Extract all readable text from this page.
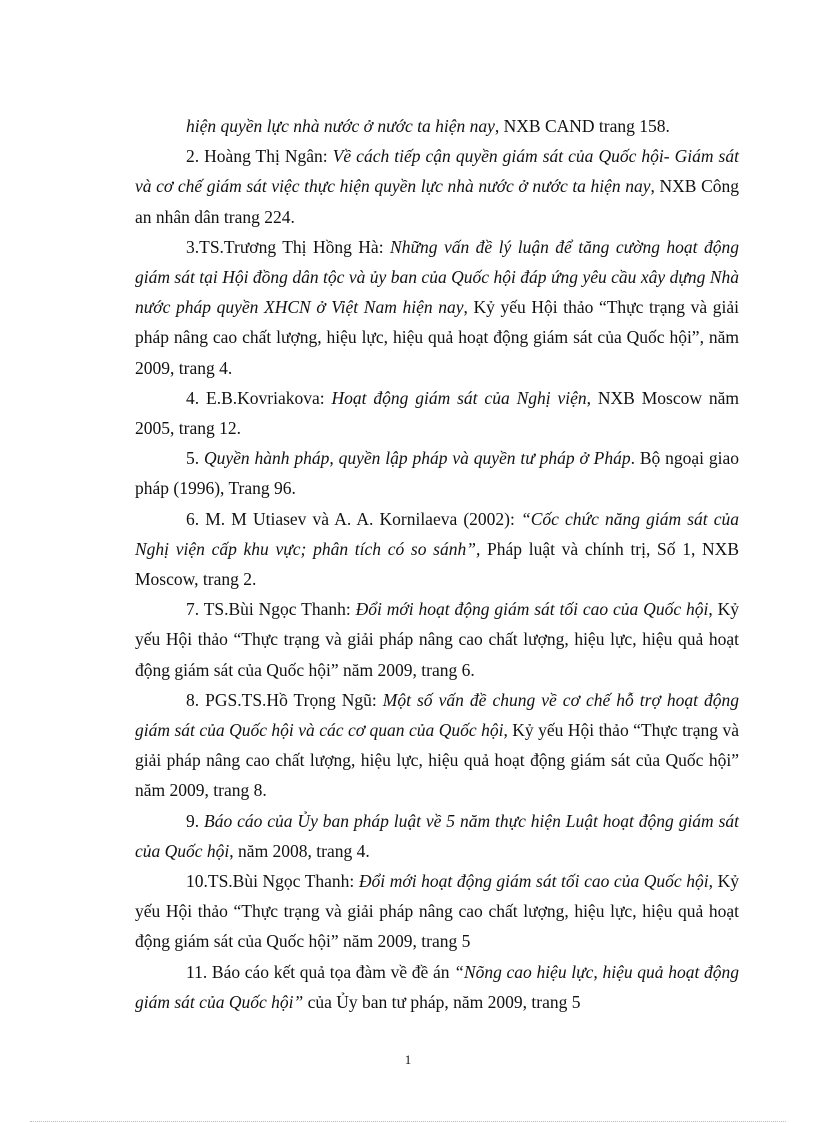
hiện quyền lực nhà nước ở nước ta hiện nay, NXB CAND trang 158.

2. Hoàng Thị Ngân: Về cách tiếp cận quyền giám sát của Quốc hội- Giám sát và cơ chế giám sát việc thực hiện quyền lực nhà nước ở nước ta hiện nay, NXB Công an nhân dân trang 224.

3.TS.Trương Thị Hồng Hà: Những vấn đề lý luận để tăng cường hoạt động giám sát tại Hội đồng dân tộc và ủy ban của Quốc hội đáp ứng yêu cầu xây dựng Nhà nước pháp quyền XHCN ở Việt Nam hiện nay, Kỷ yếu Hội thảo “Thực trạng và giải pháp nâng cao chất lượng, hiệu lực, hiệu quả hoạt động giám sát của Quốc hội”, năm 2009, trang 4.

4. E.B.Kovriakova: Hoạt động giám sát của Nghị viện, NXB Moscow năm 2005, trang 12.

5. Quyền hành pháp, quyền lập pháp và quyền tư pháp ở Pháp. Bộ ngoại giao pháp (1996), Trang 96.

6. M. M Utiasev và A. A. Kornilaeva (2002): “Cốc chức năng giám sát của Nghị viện cấp khu vực; phân tích có so sánh”, Pháp luật và chính trị, Số 1, NXB Moscow, trang 2.

7. TS.Bùi Ngọc Thanh: Đổi mới hoạt động giám sát tối cao của Quốc hội, Kỷ yếu Hội thảo “Thực trạng và giải pháp nâng cao chất lượng, hiệu lực, hiệu quả hoạt động giám sát của Quốc hội” năm 2009, trang 6.

8. PGS.TS.Hồ Trọng Ngũ: Một số vấn đề chung về cơ chế hỗ trợ hoạt động giám sát của Quốc hội và các cơ quan của Quốc hội, Kỷ yếu Hội thảo “Thực trạng và giải pháp nâng cao chất lượng, hiệu lực, hiệu quả hoạt động giám sát của Quốc hội” năm 2009, trang 8.

9. Báo cáo của Ủy ban pháp luật về 5 năm thực hiện Luật hoạt động giám sát của Quốc hội, năm 2008, trang 4.

10.TS.Bùi Ngọc Thanh: Đổi mới hoạt động giám sát tối cao của Quốc hội, Kỷ yếu Hội thảo “Thực trạng và giải pháp nâng cao chất lượng, hiệu lực, hiệu quả hoạt động giám sát của Quốc hội” năm 2009, trang 5

11. Báo cáo kết quả tọa đàm về đề án “Nõng cao hiệu lực, hiệu quả hoạt động giám sát của Quốc hội” của Ủy ban tư pháp, năm 2009, trang 5

1
